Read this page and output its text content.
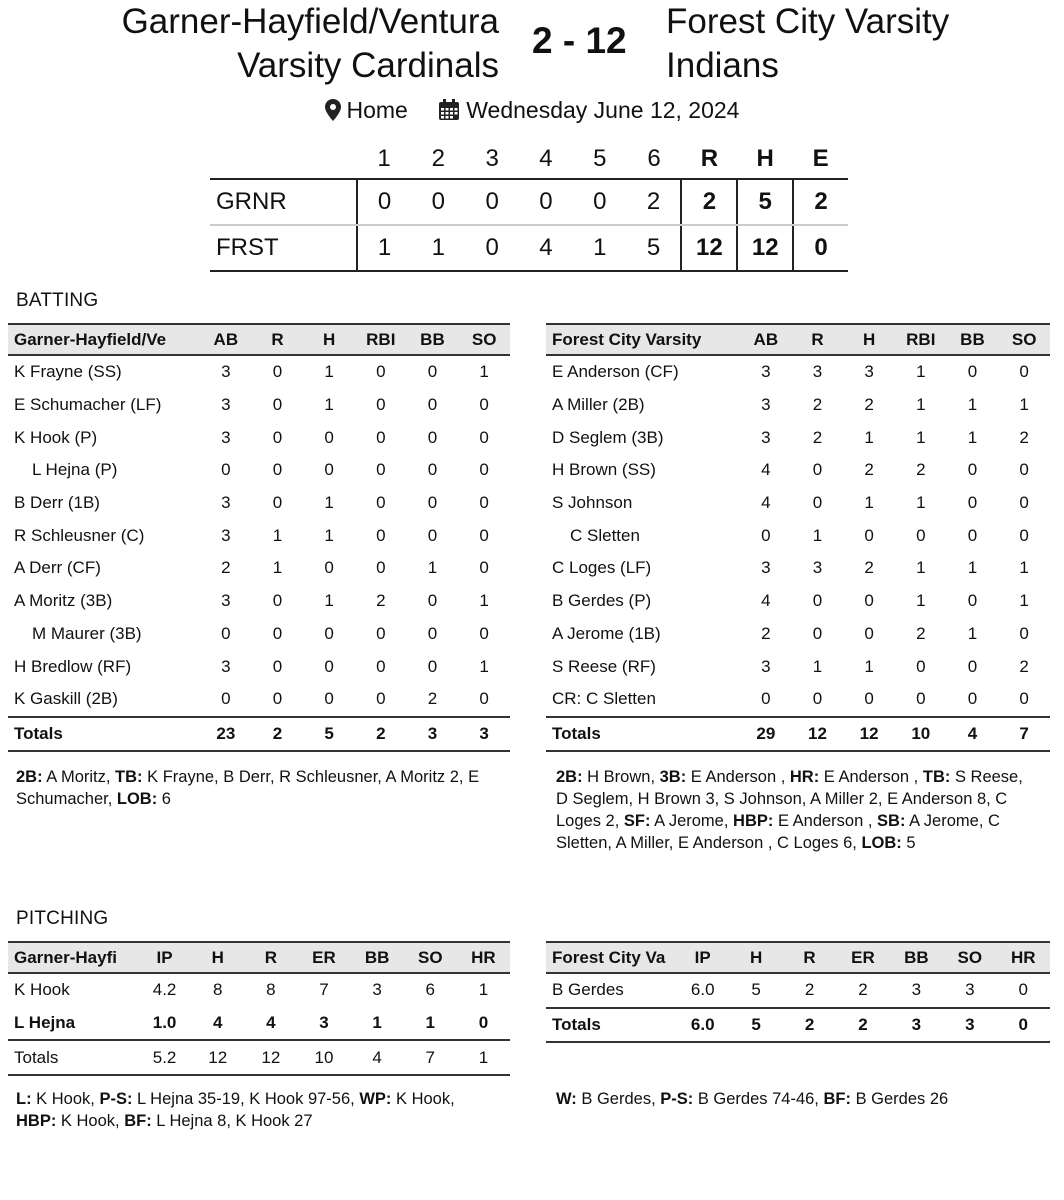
Garner-Hayfield/Ventura
Varsity Cardinals
2 - 12 Forest City Varsity
Indians
Home	Wednesday June 12, 2024
	1	2	3	4	5	6	R	H	E
GRNR	0	0	0	0	0	2	2	5	2
FRST	1	1	0	4	1	5	12	12	0
BATTING
Garner-Hayfield/Ve	AB	R	H	RBI	BB	SO
K Frayne (SS)	3	0	1	0	0	1
E Schumacher (LF)	3	0	1	0	0	0
K Hook (P)	3	0	0	0	0	0
L Hejna (P)	0	0	0	0	0	0
B Derr (1B)	3	0	1	0	0	0
R Schleusner (C)	3	1	1	0	0	0
A Derr (CF)	2	1	0	0	1	0
A Moritz (3B)	3	0	1	2	0	1
M Maurer (3B)	0	0	0	0	0	0
H Bredlow (RF)	3	0	0	0	0	1
K Gaskill (2B)	0	0	0	0	2	0
Totals	23	2	5	2	3	3
2B: A Moritz, TB: K Frayne, B Derr, R Schleusner, A Moritz 2, E Schumacher, LOB: 6
Forest City Varsity	AB	R	H	RBI	BB	SO
E Anderson (CF)	3	3	3	1	0	0
A Miller (2B)	3	2	2	1	1	1
D Seglem (3B)	3	2	1	1	1	2
H Brown (SS)	4	0	2	2	0	0
S Johnson	4	0	1	1	0	0
C Sletten	0	1	0	0	0	0
C Loges (LF)	3	3	2	1	1	1
B Gerdes (P)	4	0	0	1	0	1
A Jerome (1B)	2	0	0	2	1	0
S Reese (RF)	3	1	1	0	0	2
CR: C Sletten	0	0	0	0	0	0
Totals	29	12	12	10	4	7
2B: H Brown, 3B: E Anderson , HR: E Anderson , TB: S Reese, D Seglem, H Brown 3, S Johnson, A Miller 2, E Anderson 8, C Loges 2, SF: A Jerome, HBP: E Anderson , SB: A Jerome, C Sletten, A Miller, E Anderson , C Loges 6, LOB: 5
PITCHING
Garner-Hayfi	IP	H	R	ER	BB	SO	HR
K Hook	4.2	8	8	7	3	6	1
L Hejna	1.0	4	4	3	1	1	0
Totals	5.2	12	12	10	4	7	1
L: K Hook, P-S: L Hejna 35-19, K Hook 97-56, WP: K Hook, HBP: K Hook, BF: L Hejna 8, K Hook 27
Forest City Va	IP	H	R	ER	BB	SO	HR
B Gerdes	6.0	5	2	2	3	3	0
Totals	6.0	5	2	2	3	3	0
W: B Gerdes, P-S: B Gerdes 74-46, BF: B Gerdes 26
